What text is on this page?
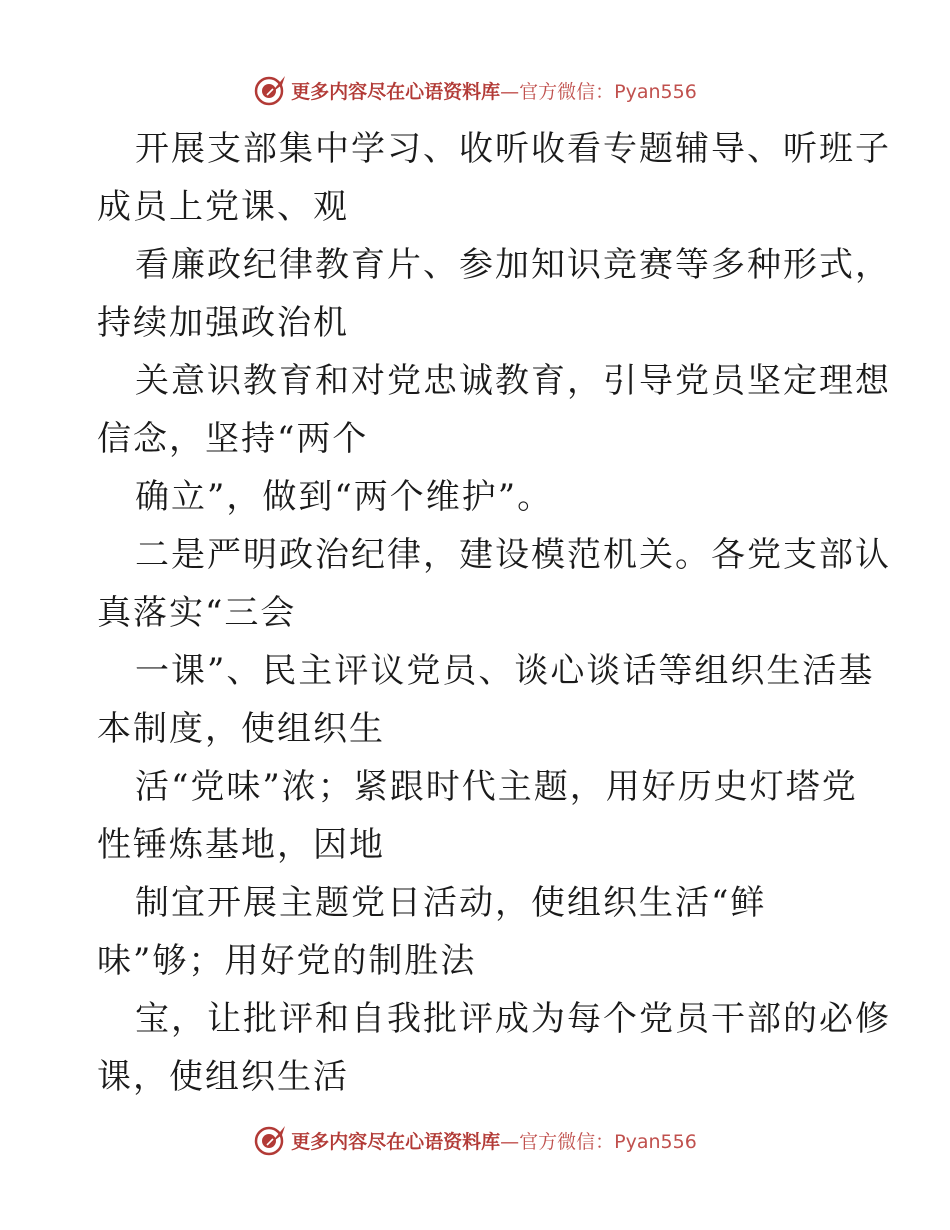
更多内容尽在心语资料库—官方微信：Pyan556
开展支部集中学习、收听收看专题辅导、听班子
成员上党课、观
看廉政纪律教育片、参加知识竞赛等多种形式，
持续加强政治机
关意识教育和对党忠诚教育，引导党员坚定理想
信念，坚持“两个
确立”，做到“两个维护”。
二是严明政治纪律，建设模范机关。各党支部认
真落实“三会
一课”、民主评议党员、谈心谈话等组织生活基
本制度，使组织生
活“党味”浓；紧跟时代主题，用好历史灯塔党
性锤炼基地，因地
制宜开展主题党日活动，使组织生活“鲜
味”够；用好党的制胜法
宝，让批评和自我批评成为每个党员干部的必修
课，使组织生活
更多内容尽在心语资料库—官方微信：Pyan556
